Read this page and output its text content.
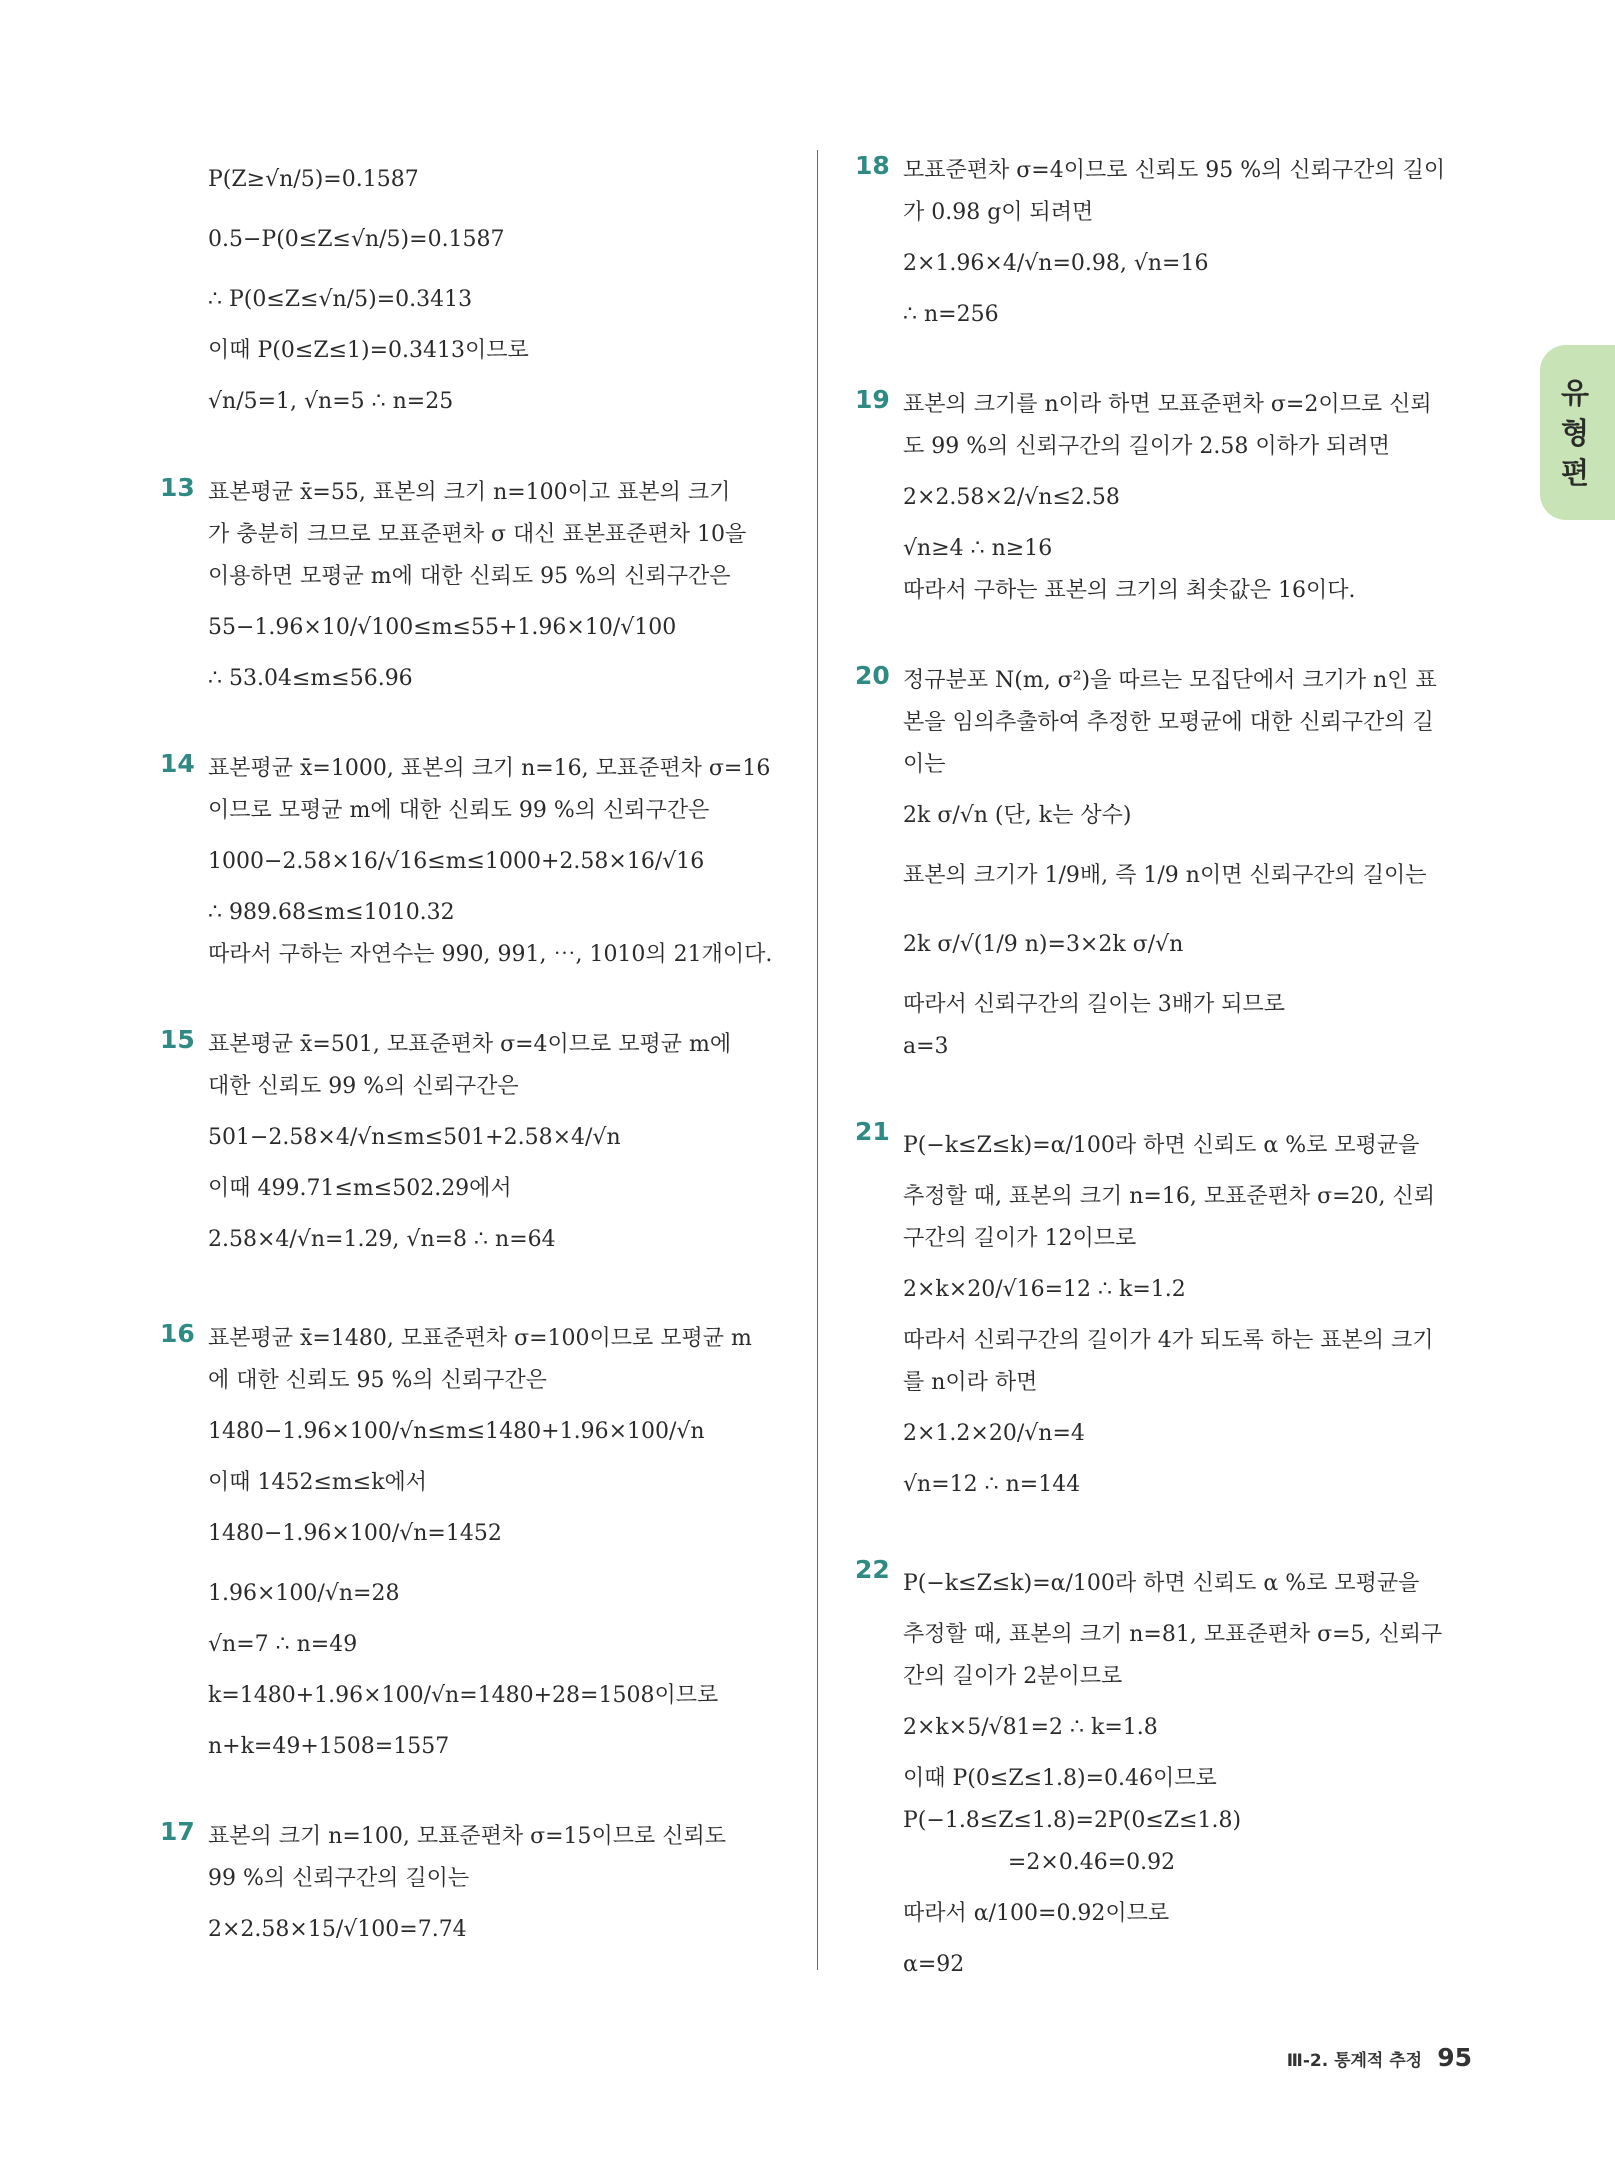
P(Z≥√n/5)=0.1587
0.5−P(0≤Z≤√n/5)=0.1587
∴ P(0≤Z≤√n/5)=0.3413
이때 P(0≤Z≤1)=0.3413이므로
√n/5=1, √n=5 ∴ n=25
13 표본평균 x̄=55, 표본의 크기 n=100이고 표본의 크기
가 충분히 크므로 모표준편차 σ 대신 표본표준편차 10을
이용하면 모평균 m에 대한 신뢰도 95 %의 신뢰구간은
55−1.96×10/√100≤m≤55+1.96×10/√100
∴ 53.04≤m≤56.96
14 표본평균 x̄=1000, 표본의 크기 n=16, 모표준편차 σ=16
이므로 모평균 m에 대한 신뢰도 99 %의 신뢰구간은
1000−2.58×16/√16≤m≤1000+2.58×16/√16
∴ 989.68≤m≤1010.32
따라서 구하는 자연수는 990, 991, ⋯, 1010의 21개이다.
15 표본평균 x̄=501, 모표준편차 σ=4이므로 모평균 m에
대한 신뢰도 99 %의 신뢰구간은
501−2.58×4/√n≤m≤501+2.58×4/√n
이때 499.71≤m≤502.29에서
2.58×4/√n=1.29, √n=8 ∴ n=64
16 표본평균 x̄=1480, 모표준편차 σ=100이므로 모평균 m
에 대한 신뢰도 95 %의 신뢰구간은
1480−1.96×100/√n≤m≤1480+1.96×100/√n
이때 1452≤m≤k에서
1480−1.96×100/√n=1452
1.96×100/√n=28
√n=7 ∴ n=49
k=1480+1.96×100/√n=1480+28=1508이므로
n+k=49+1508=1557
17 표본의 크기 n=100, 모표준편차 σ=15이므로 신뢰도
99 %의 신뢰구간의 길이는
2×2.58×15/√100=7.74
18 모표준편차 σ=4이므로 신뢰도 95 %의 신뢰구간의 길이
가 0.98 g이 되려면
2×1.96×4/√n=0.98, √n=16
∴ n=256
19 표본의 크기를 n이라 하면 모표준편차 σ=2이므로 신뢰
도 99 %의 신뢰구간의 길이가 2.58 이하가 되려면
2×2.58×2/√n≤2.58
√n≥4 ∴ n≥16
따라서 구하는 표본의 크기의 최솟값은 16이다.
20 정규분포 N(m, σ²)을 따르는 모집단에서 크기가 n인 표
본을 임의추출하여 추정한 모평균에 대한 신뢰구간의 길
이는
2k σ/√n (단, k는 상수)
표본의 크기가 1/9배, 즉 1/9 n이면 신뢰구간의 길이는
2k σ/√(1/9 n)=3×2k σ/√n
따라서 신뢰구간의 길이는 3배가 되므로
a=3
21 P(−k≤Z≤k)=α/100라 하면 신뢰도 α %로 모평균을
추정할 때, 표본의 크기 n=16, 모표준편차 σ=20, 신뢰
구간의 길이가 12이므로
2×k×20/√16=12 ∴ k=1.2
따라서 신뢰구간의 길이가 4가 되도록 하는 표본의 크기
를 n이라 하면
2×1.2×20/√n=4
√n=12 ∴ n=144
22 P(−k≤Z≤k)=α/100라 하면 신뢰도 α %로 모평균을
추정할 때, 표본의 크기 n=81, 모표준편차 σ=5, 신뢰구
간의 길이가 2분이므로
2×k×5/√81=2 ∴ k=1.8
이때 P(0≤Z≤1.8)=0.46이므로
P(−1.8≤Z≤1.8)=2P(0≤Z≤1.8)
=2×0.46=0.92
따라서 α/100=0.92이므로
α=92
유
형
편
Ⅲ-2. 통계적 추정 95
